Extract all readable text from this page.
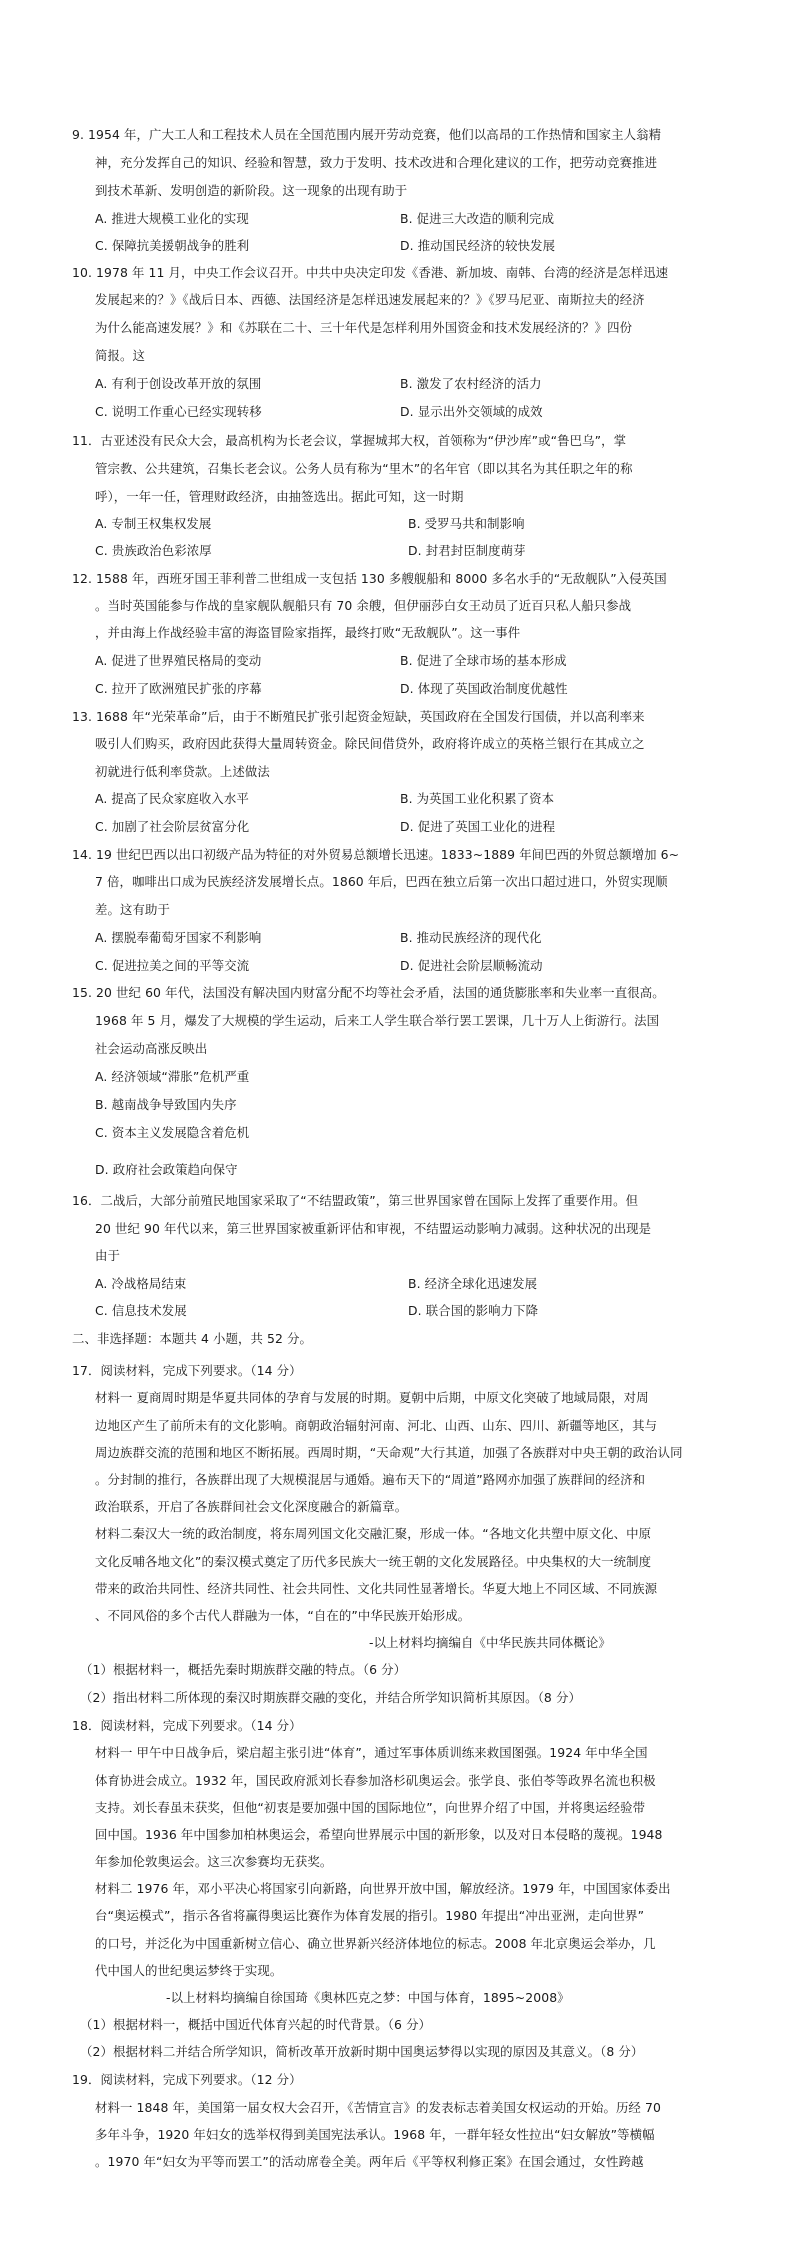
9. 1954 年，广大工人和工程技术人员在全国范围内展开劳动竞赛，他们以高昂的工作热情和国家主人翁精
神，充分发挥自己的知识、经验和智慧，致力于发明、技术改进和合理化建议的工作，把劳动竞赛推进
到技术革新、发明创造的新阶段。这一现象的出现有助于
A. 推进大规模工业化的实现	B. 促进三大改造的顺利完成
C. 保障抗美援朝战争的胜利	D. 推动国民经济的较快发展
10. 1978 年 11 月，中央工作会议召开。中共中央决定印发《香港、新加坡、南韩、台湾的经济是怎样迅速
发展起来的？》《战后日本、西德、法国经济是怎样迅速发展起来的？》《罗马尼亚、南斯拉夫的经济
为什么能高速发展？》和《苏联在二十、三十年代是怎样利用外国资金和技术发展经济的？》四份
简报。这
A. 有利于创设改革开放的氛围	B. 激发了农村经济的活力
C. 说明工作重心已经实现转移	D. 显示出外交领域的成效
11．古亚述没有民众大会，最高机构为长老会议，掌握城邦大权，首领称为“伊沙库”或“鲁巴乌”，掌
管宗教、公共建筑，召集长老会议。公务人员有称为“里木”的名年官（即以其名为其任职之年的称
呼），一年一任，管理财政经济，由抽签选出。据此可知，这一时期
A. 专制王权集权发展	B. 受罗马共和制影响
C. 贵族政治色彩浓厚	D. 封君封臣制度萌芽
12. 1588 年，西班牙国王菲利普二世组成一支包括 130 多艘舰船和 8000 多名水手的“无敌舰队”入侵英国
。当时英国能参与作战的皇家舰队舰船只有 70 余艘，但伊丽莎白女王动员了近百只私人船只参战
，并由海上作战经验丰富的海盗冒险家指挥，最终打败“无敌舰队”。这一事件
A. 促进了世界殖民格局的变动	B. 促进了全球市场的基本形成
C. 拉开了欧洲殖民扩张的序幕	D. 体现了英国政治制度优越性
13. 1688 年“光荣革命”后，由于不断殖民扩张引起资金短缺，英国政府在全国发行国债，并以高利率来
吸引人们购买，政府因此获得大量周转资金。除民间借贷外，政府将许成立的英格兰银行在其成立之
初就进行低利率贷款。上述做法
A. 提高了民众家庭收入水平	B. 为英国工业化积累了资本
C. 加剧了社会阶层贫富分化	D. 促进了英国工业化的进程
14. 19 世纪巴西以出口初级产品为特征的对外贸易总额增长迅速。1833~1889 年间巴西的外贸总额增加 6~
7 倍，咖啡出口成为民族经济发展增长点。1860 年后，巴西在独立后第一次出口超过进口，外贸实现顺
差。这有助于
A. 摆脱奉葡萄牙国家不利影响	B. 推动民族经济的现代化
C. 促进拉美之间的平等交流	D. 促进社会阶层顺畅流动
15. 20 世纪 60 年代，法国没有解决国内财富分配不均等社会矛盾，法国的通货膨胀率和失业率一直很高。
1968 年 5 月，爆发了大规模的学生运动，后来工人学生联合举行罢工罢课，几十万人上街游行。法国
社会运动高涨反映出
A. 经济领域“滞胀”危机严重
B. 越南战争导致国内失序
C. 资本主义发展隐含着危机
D. 政府社会政策趋向保守
16．二战后，大部分前殖民地国家采取了“不结盟政策”，第三世界国家曾在国际上发挥了重要作用。但
20 世纪 90 年代以来，第三世界国家被重新评估和审视，不结盟运动影响力减弱。这种状况的出现是
由于
A. 冷战格局结束	B. 经济全球化迅速发展
C. 信息技术发展	D. 联合国的影响力下降
二、非选择题：本题共 4 小题，共 52 分。
17．阅读材料，完成下列要求。（14 分）
材料一 夏商周时期是华夏共同体的孕育与发展的时期。夏朝中后期，中原文化突破了地域局限，对周
边地区产生了前所未有的文化影响。商朝政治辐射河南、河北、山西、山东、四川、新疆等地区，其与
周边族群交流的范围和地区不断拓展。西周时期，“天命观”大行其道，加强了各族群对中央王朝的政治认同
。分封制的推行，各族群出现了大规模混居与通婚。遍布天下的“周道”路网亦加强了族群间的经济和
政治联系，开启了各族群间社会文化深度融合的新篇章。
材料二秦汉大一统的政治制度，将东周列国文化交融汇聚，形成一体。“各地文化共塑中原文化、中原
文化反哺各地文化”的秦汉模式奠定了历代多民族大一统王朝的文化发展路径。中央集权的大一统制度
带来的政治共同性、经济共同性、社会共同性、文化共同性显著增长。华夏大地上不同区域、不同族源
、不同风俗的多个古代人群融为一体，“自在的”中华民族开始形成。
-以上材料均摘编自《中华民族共同体概论》
（1）根据材料一，概括先秦时期族群交融的特点。（6 分）
（2）指出材料二所体现的秦汉时期族群交融的变化，并结合所学知识简析其原因。（8 分）
18．阅读材料，完成下列要求。（14 分）
材料一 甲午中日战争后，梁启超主张引进“体育”，通过军事体质训练来救国图强。1924 年中华全国
体育协进会成立。1932 年，国民政府派刘长春参加洛杉矶奥运会。张学良、张伯苓等政界名流也积极
支持。刘长春虽未获奖，但他“初衷是要加强中国的国际地位”，向世界介绍了中国，并将奥运经验带
回中国。1936 年中国参加柏林奥运会，希望向世界展示中国的新形象，以及对日本侵略的蔑视。1948
年参加伦敦奥运会。这三次参赛均无获奖。
材料二 1976 年，邓小平决心将国家引向新路，向世界开放中国，解放经济。1979 年，中国国家体委出
台“奥运模式”，指示各省将赢得奥运比赛作为体育发展的指引。1980 年提出“冲出亚洲，走向世界”
的口号，并泛化为中国重新树立信心、确立世界新兴经济体地位的标志。2008 年北京奥运会举办，几
代中国人的世纪奥运梦终于实现。
-以上材料均摘编自徐国琦《奥林匹克之梦：中国与体育，1895~2008》
（1）根据材料一，概括中国近代体育兴起的时代背景。（6 分）
（2）根据材料二并结合所学知识，简析改革开放新时期中国奥运梦得以实现的原因及其意义。（8 分）
19．阅读材料，完成下列要求。（12 分）
材料一 1848 年，美国第一届女权大会召开，《苦情宣言》的发表标志着美国女权运动的开始。历经 70
多年斗争，1920 年妇女的选举权得到美国宪法承认。1968 年，一群年轻女性拉出“妇女解放”等横幅
。1970 年“妇女为平等而罢工”的活动席卷全美。两年后《平等权利修正案》在国会通过，女性跨越
